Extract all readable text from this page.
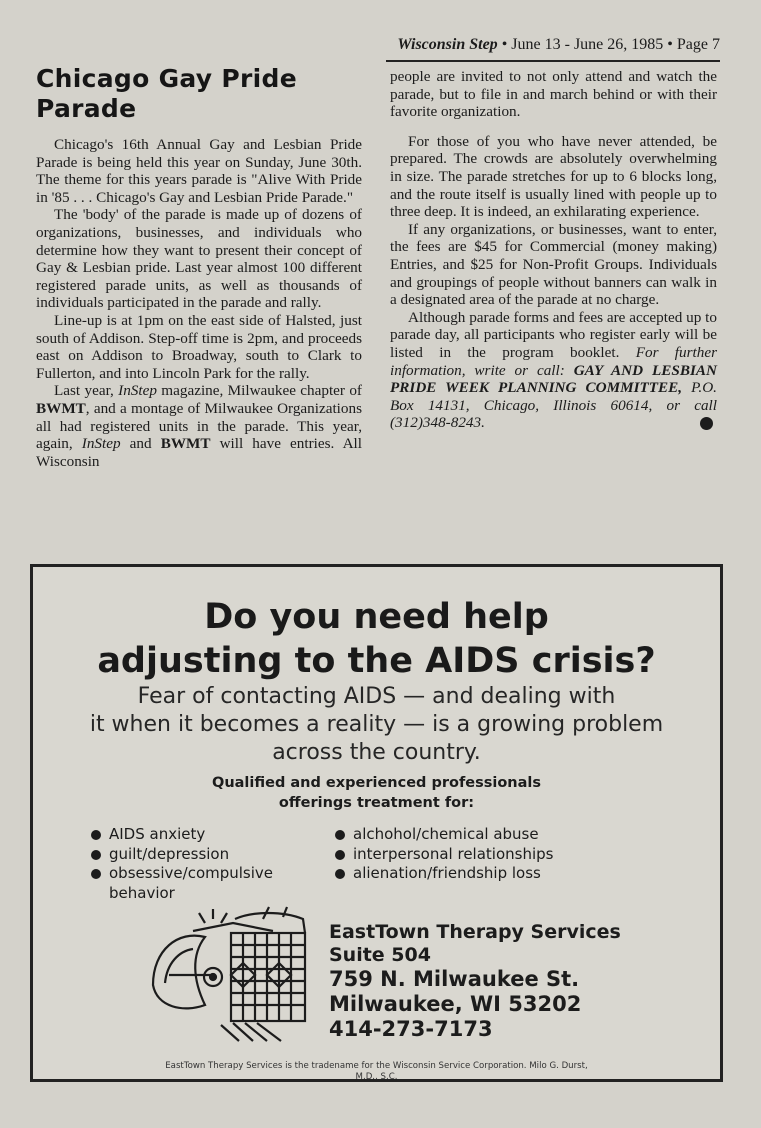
Wisconsin Step • June 13 - June 26, 1985 • Page 7
Chicago Gay Pride
Parade

Chicago's 16th Annual Gay and Lesbian Pride Parade is being held this year on Sunday, June 30th. The theme for this years parade is "Alive With Pride in '85 . . . Chicago's Gay and Lesbian Pride Parade."

The 'body' of the parade is made up of dozens of organizations, businesses, and individuals who determine how they want to present their concept of Gay & Lesbian pride. Last year almost 100 different registered parade units, as well as thousands of individuals participated in the parade and rally.

Line-up is at 1pm on the east side of Halsted, just south of Addison. Step-off time is 2pm, and proceeds east on Addison to Broadway, south to Clark to Fullerton, and into Lincoln Park for the rally.

Last year, InStep magazine, Milwaukee chapter of BWMT, and a montage of Milwaukee Organizations all had registered units in the parade. This year, again, InStep and BWMT will have entries. All Wisconsin

people are invited to not only attend and watch the parade, but to file in and march behind or with their favorite organization.

For those of you who have never attended, be prepared. The crowds are absolutely overwhelming in size. The parade stretches for up to 6 blocks long, and the route itself is usually lined with people up to three deep. It is indeed, an exhilarating experience.

If any organizations, or businesses, want to enter, the fees are $45 for Commercial (money making) Entries, and $25 for Non-Profit Groups. Individuals and groupings of people without banners can walk in a designated area of the parade at no charge.

Although parade forms and fees are accepted up to parade day, all participants who register early will be listed in the program booklet. For further information, write or call: GAY AND LESBIAN PRIDE WEEK PLANNING COMMITTEE, P.O. Box 14131, Chicago, Illinois 60614, or call (312)348-8243.

Do you need help
adjusting to the AIDS crisis?
Fear of contacting AIDS — and dealing with
it when it becomes a reality — is a growing problem
across the country.
Qualified and experienced professionals
offerings treatment for:
AIDS anxiety
guilt/depression
obsessive/compulsive behavior
alchohol/chemical abuse
interpersonal relationships
alienation/friendship loss
EastTown Therapy Services
Suite 504
759 N. Milwaukee St.
Milwaukee, WI 53202
414-273-7173
EastTown Therapy Services is the tradename for the Wisconsin Service Corporation. Milo G. Durst,
M.D., S.C.
